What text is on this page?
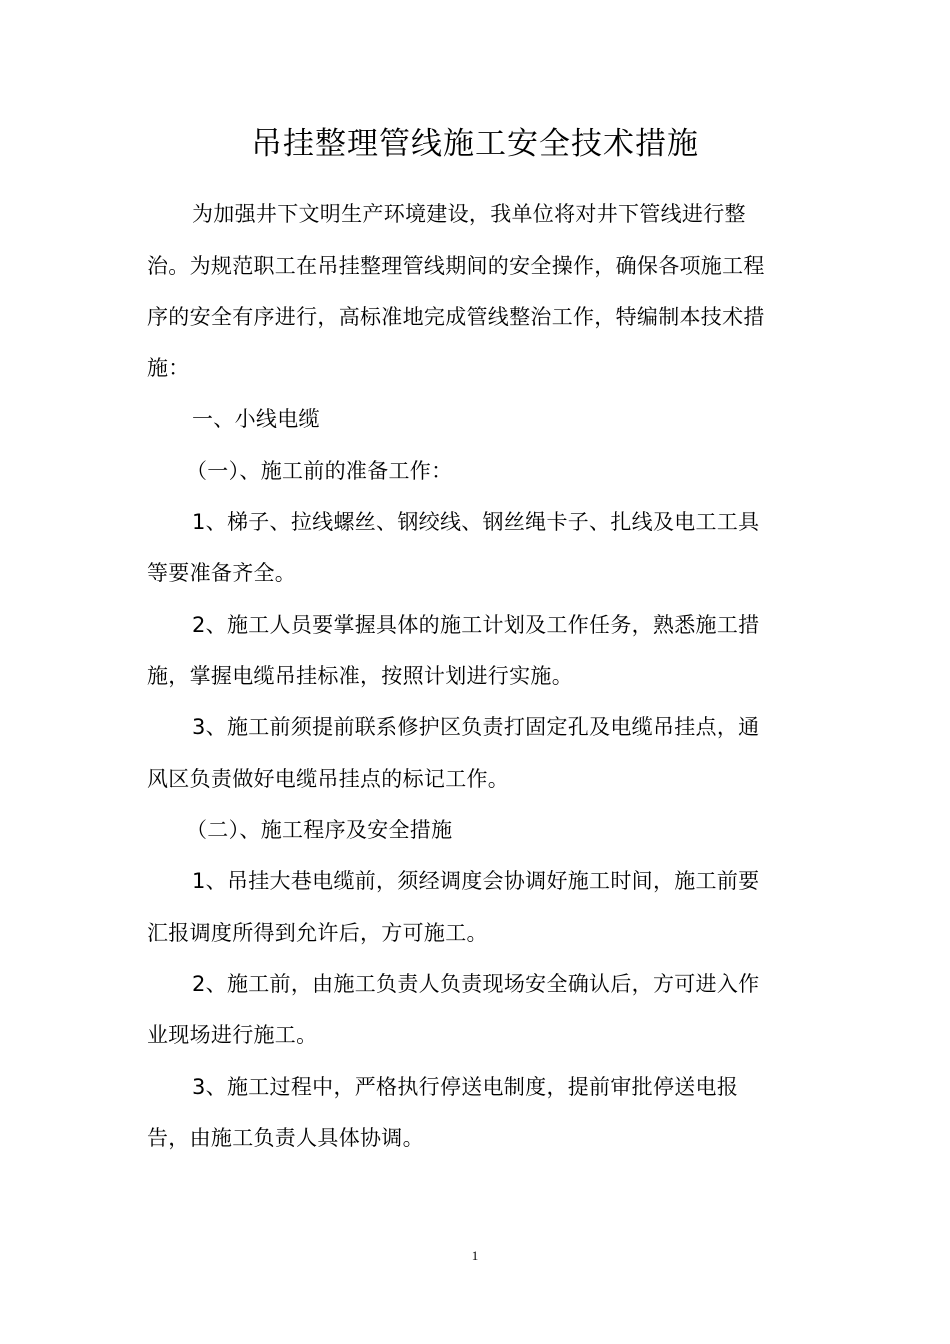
吊挂整理管线施工安全技术措施
为加强井下文明生产环境建设，我单位将对井下管线进行整
治。为规范职工在吊挂整理管线期间的安全操作，确保各项施工程
序的安全有序进行，高标准地完成管线整治工作，特编制本技术措
施：
一、小线电缆
（一）、施工前的准备工作：
1、梯子、拉线螺丝、钢绞线、钢丝绳卡子、扎线及电工工具
等要准备齐全。
2、施工人员要掌握具体的施工计划及工作任务，熟悉施工措
施，掌握电缆吊挂标准，按照计划进行实施。
3、施工前须提前联系修护区负责打固定孔及电缆吊挂点，通
风区负责做好电缆吊挂点的标记工作。
（二）、施工程序及安全措施
1、吊挂大巷电缆前，须经调度会协调好施工时间，施工前要
汇报调度所得到允许后，方可施工。
2、施工前，由施工负责人负责现场安全确认后，方可进入作
业现场进行施工。
3、施工过程中，严格执行停送电制度，提前审批停送电报
告，由施工负责人具体协调。
1
